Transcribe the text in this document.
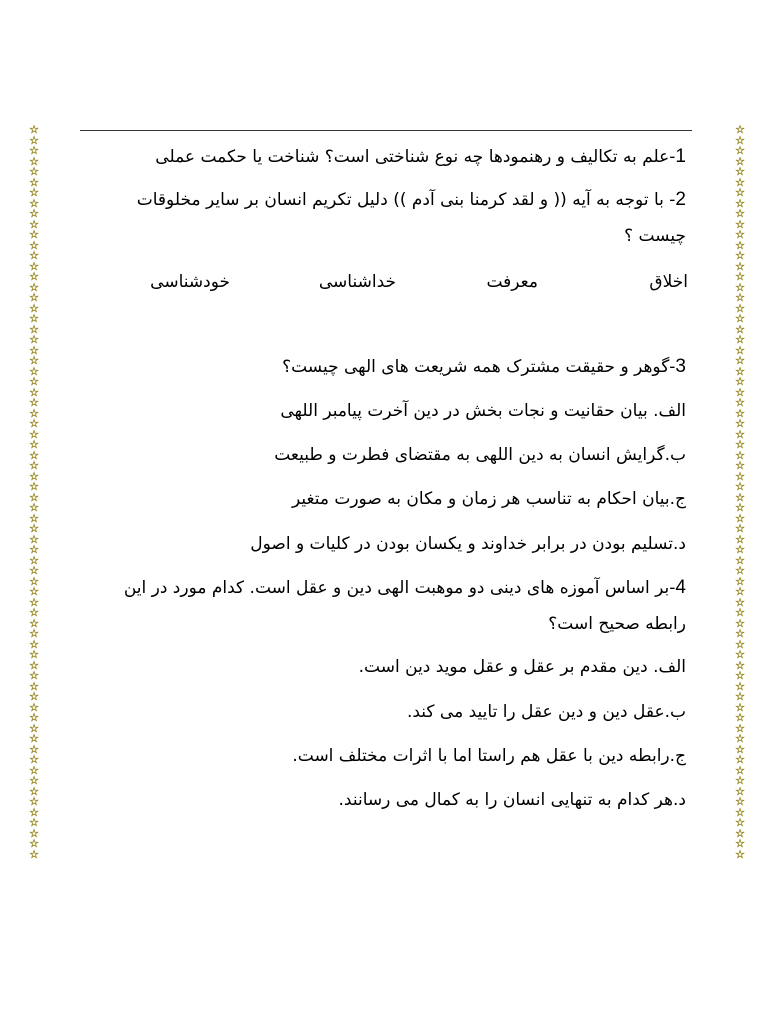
☆
☆
☆
☆
☆
☆
☆
☆
☆
☆
☆
☆
☆
☆
☆
☆
☆
☆
☆
☆
☆
☆
☆
☆
☆
☆
☆
☆
☆
☆
☆
☆
☆
☆
☆
☆
☆
☆
☆
☆
☆
☆
☆
☆
☆
☆
☆
☆
☆
☆
☆
☆
☆
☆
☆
☆
☆
☆
☆
☆
☆
☆
☆
☆
☆
☆
☆
☆
☆
☆
☆
☆
☆
☆
☆
☆
☆
☆
☆
☆
☆
☆
☆
☆
☆
☆
☆
☆
☆
☆
☆
☆
☆
☆
☆
☆
☆
☆
☆
☆
☆
☆
☆
☆
☆
☆
☆
☆
☆
☆
☆
☆
☆
☆
☆
☆
☆
☆
☆
☆
☆
☆
☆
☆
☆
☆
☆
☆
☆
☆
☆
☆
☆
☆
☆
☆
☆
☆
☆
☆
1-علم به تکالیف و رهنمودها چه نوع شناختی است؟ شناخت یا حکمت عملی
2- با توجه به آیه (( و لقد کرمنا بنی آدم )) دلیل تکریم انسان بر سایر مخلوقات
چیست ؟
اخلاق
معرفت
خداشناسی
خودشناسی
3-گوهر و حقیقت مشترک همه شریعت های الهی چیست؟
الف. بیان حقانیت و نجات بخش در دین آخرت پیامبر اللهی
ب.گرایش انسان به دین اللهی به مقتضای فطرت و طبیعت
ج.بیان احکام به تناسب هر زمان و مکان به صورت متغیر
د.تسلیم بودن در برابر خداوند و یکسان بودن در کلیات و اصول
4-بر اساس آموزه های دینی دو موهبت الهی دین و عقل است. کدام مورد در این
رابطه صحیح است؟
الف. دین مقدم بر عقل و عقل موید دین است.
ب.عقل دین و دین عقل را تایید می کند.
ج.رابطه دین با عقل هم راستا اما با اثرات مختلف است.
د.هر کدام به تنهایی انسان را به کمال می رسانند.
